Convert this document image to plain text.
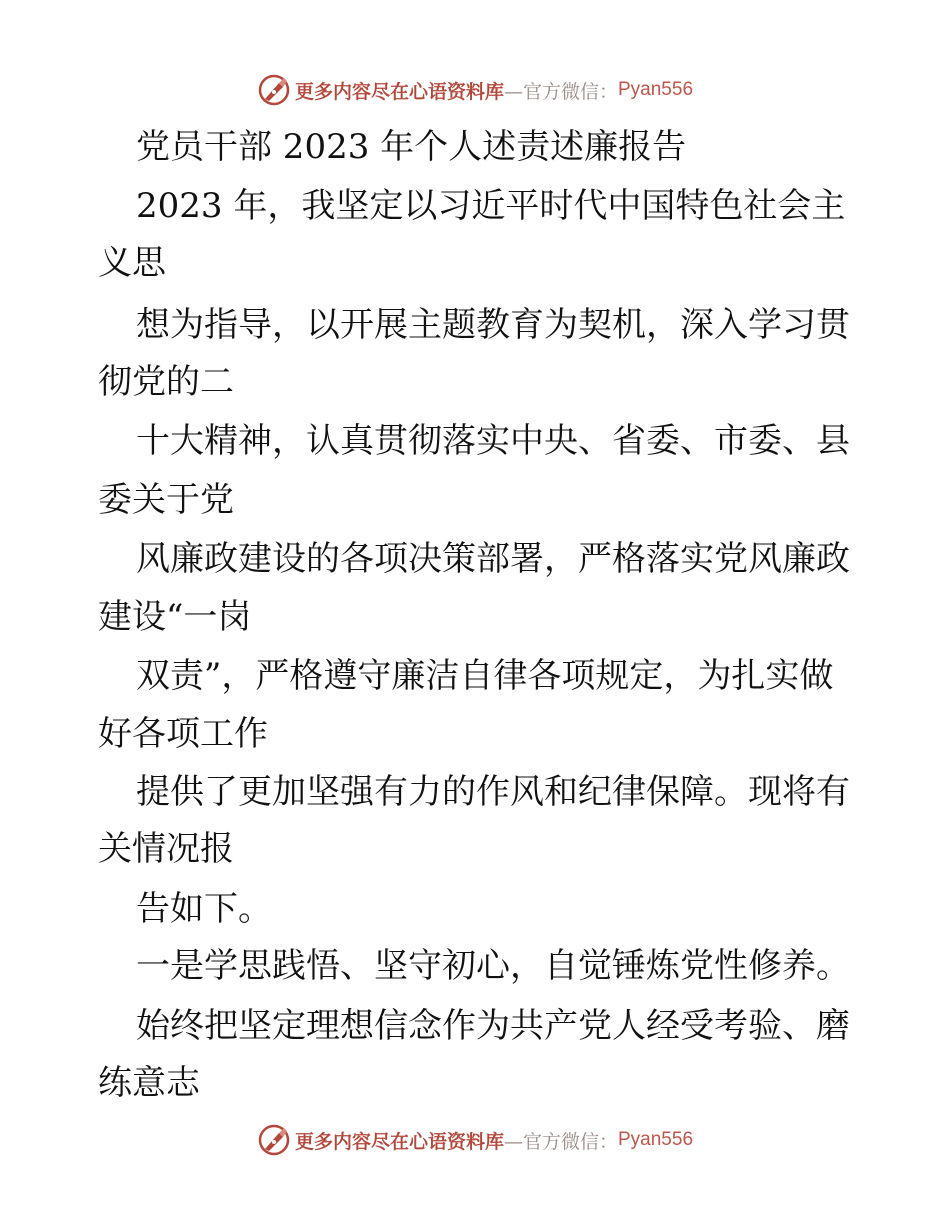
更多内容尽在心语资料库 —官方微信： Pyan556
党员干部 2023 年个人述责述廉报告
2023 年，我坚定以习近平时代中国特色社会主
义思
想为指导，以开展主题教育为契机，深入学习贯
彻党的二
十大精神，认真贯彻落实中央、省委、市委、县
委关于党
风廉政建设的各项决策部署，严格落实党风廉政
建设“一岗
双责”，严格遵守廉洁自律各项规定，为扎实做
好各项工作
提供了更加坚强有力的作风和纪律保障。现将有
关情况报
告如下。
一是学思践悟、坚守初心，自觉锤炼党性修养。
始终把坚定理想信念作为共产党人经受考验、磨
练意志
更多内容尽在心语资料库 —官方微信： Pyan556
